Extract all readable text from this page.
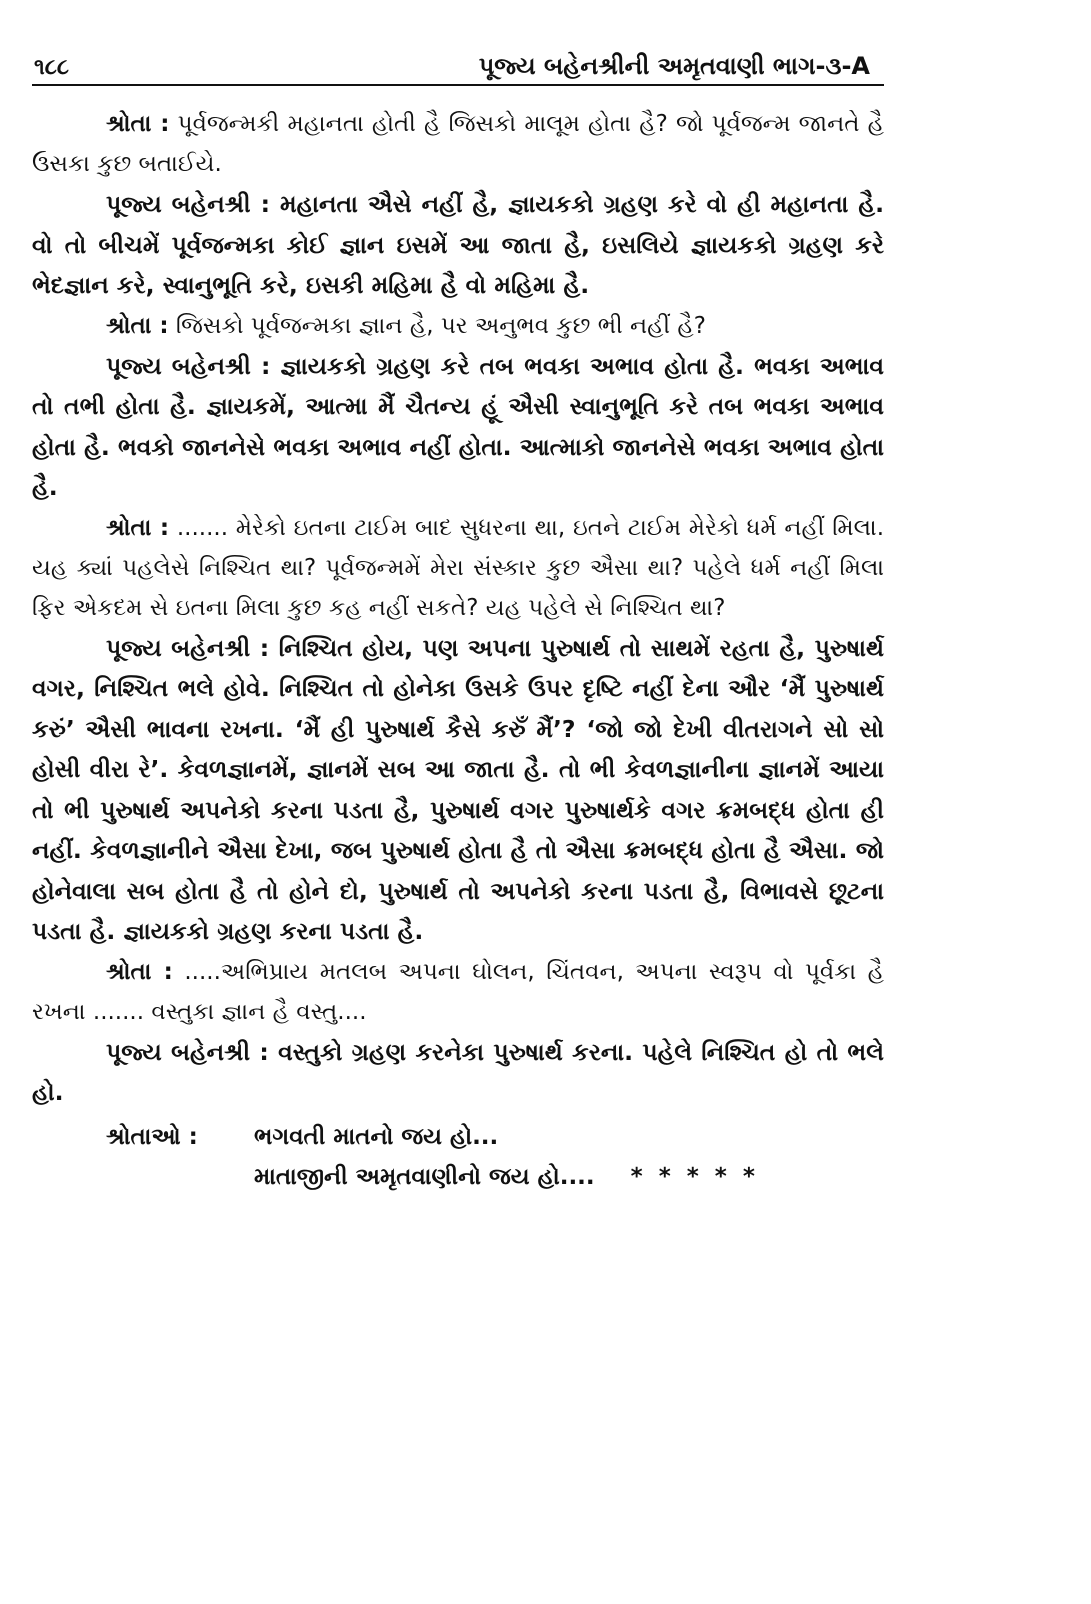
૧૮૮	પૂજ્ય બહેનશ્રીની અમૃતવાણી ભાગ-૩-A

શ્રોતા : પૂર્વજન્મકી મહાનતા હોતી હૈ જિસકો માલૂમ હોતા હૈ? જો પૂર્વજન્મ જાનતે હૈ ઉસકા કુછ બતાઈયે.

પૂજ્ય બહેનશ્રી : મહાનતા ઐસે નહીં હૈ, જ્ઞાયકકો ગ્રહણ કરે વો હી મહાનતા હૈ. વો તો બીચમેં પૂર્વજન્મકા કોઈ જ્ઞાન ઇસમેં આ જાતા હૈ, ઇસલિયે જ્ઞાયકકો ગ્રહણ કરે ભેદજ્ઞાન કરે, સ્વાનુભૂતિ કરે, ઇસકી મહિમા હૈ વો મહિમા હૈ.

શ્રોતા : જિસકો પૂર્વજન્મકા જ્ઞાન હૈ, પર અનુભવ કુછ ભી નહીં હૈ?

પૂજ્ય બહેનશ્રી : જ્ઞાયકકો ગ્રહણ કરે તબ ભવકા અભાવ હોતા હૈ. ભવકા અભાવ તો તભી હોતા હૈ. જ્ઞાયકમેં, આત્મા મૈં ચૈતન્ય હૂં ઐસી સ્વાનુભૂતિ કરે તબ ભવકા અભાવ હોતા હૈ. ભવકો જાનનેસે ભવકા અભાવ નહીં હોતા. આત્માકો જાનનેસે ભવકા અભાવ હોતા હૈ.

શ્રોતા : ....... મેરેકો ઇતના ટાઈમ બાદ સુધરના થા, ઇતને ટાઈમ મેરેકો ધર્મ નહીં મિલા. યહ ક્યાં પહલેસે નિશ્ચિત થા? પૂર્વજન્મમેં મેરા સંસ્કાર કુછ ઐસા થા? પહેલે ધર્મ નહીં મિલા ફિર એકદમ સે ઇતના મિલા કુછ કહ નહીં સકતે? યહ પહેલે સે નિશ્ચિત થા?

પૂજ્ય બહેનશ્રી : નિશ્ચિત હોય, પણ અપના પુરુષાર્થ તો સાથમેં રહતા હૈ, પુરુષાર્થ વગર, નિશ્ચિત ભલે હોવે. નિશ્ચિત તો હોનેકા ઉસકે ઉપર દૃષ્ટિ નહીં દેના ઔર ‘મૈં પુરુષાર્થ કરું’ ઐસી ભાવના રખના. ‘મૈં હી પુરુષાર્થ કૈસે કરુઁ મૈં’? ‘જો જો દેખી વીતરાગને સો સો હોસી વીરા રે’. કેવળજ્ઞાનમેં, જ્ઞાનમેં સબ આ જાતા હૈ. તો ભી કેવળજ્ઞાનીના જ્ઞાનમેં આયા તો ભી પુરુષાર્થ અપનેકો કરના પડતા હૈ, પુરુષાર્થ વગર પુરુષાર્થકે વગર ક્રમબદ્ધ હોતા હી નહીં. કેવળજ્ઞાનીને ઐસા દેખા, જબ પુરુષાર્થ હોતા હૈ તો ઐસા ક્રમબદ્ધ હોતા હૈ ઐસા. જો હોનેવાલા સબ હોતા હૈ તો હોને દો, પુરુષાર્થ તો અપનેકો કરના પડતા હૈ, વિભાવસે છૂટના પડતા હૈ. જ્ઞાયકકો ગ્રહણ કરના પડતા હૈ.

શ્રોતા : .....અભિપ્રાય મતલબ અપના ઘોલન, ચિંતવન, અપના સ્વરૂપ વો પૂર્વકા હૈ રખના ....... વસ્તુકા જ્ઞાન હૈ વસ્તુ....

પૂજ્ય બહેનશ્રી : વસ્તુકો ગ્રહણ કરનેકા પુરુષાર્થ કરના. પહેલે નિશ્ચિત હો તો ભલે હો.

શ્રોતાઓ :	ભગવતી માતનો જય હો...
માતાજીની અમૃતવાણીનો જય હો.... * * * * *
